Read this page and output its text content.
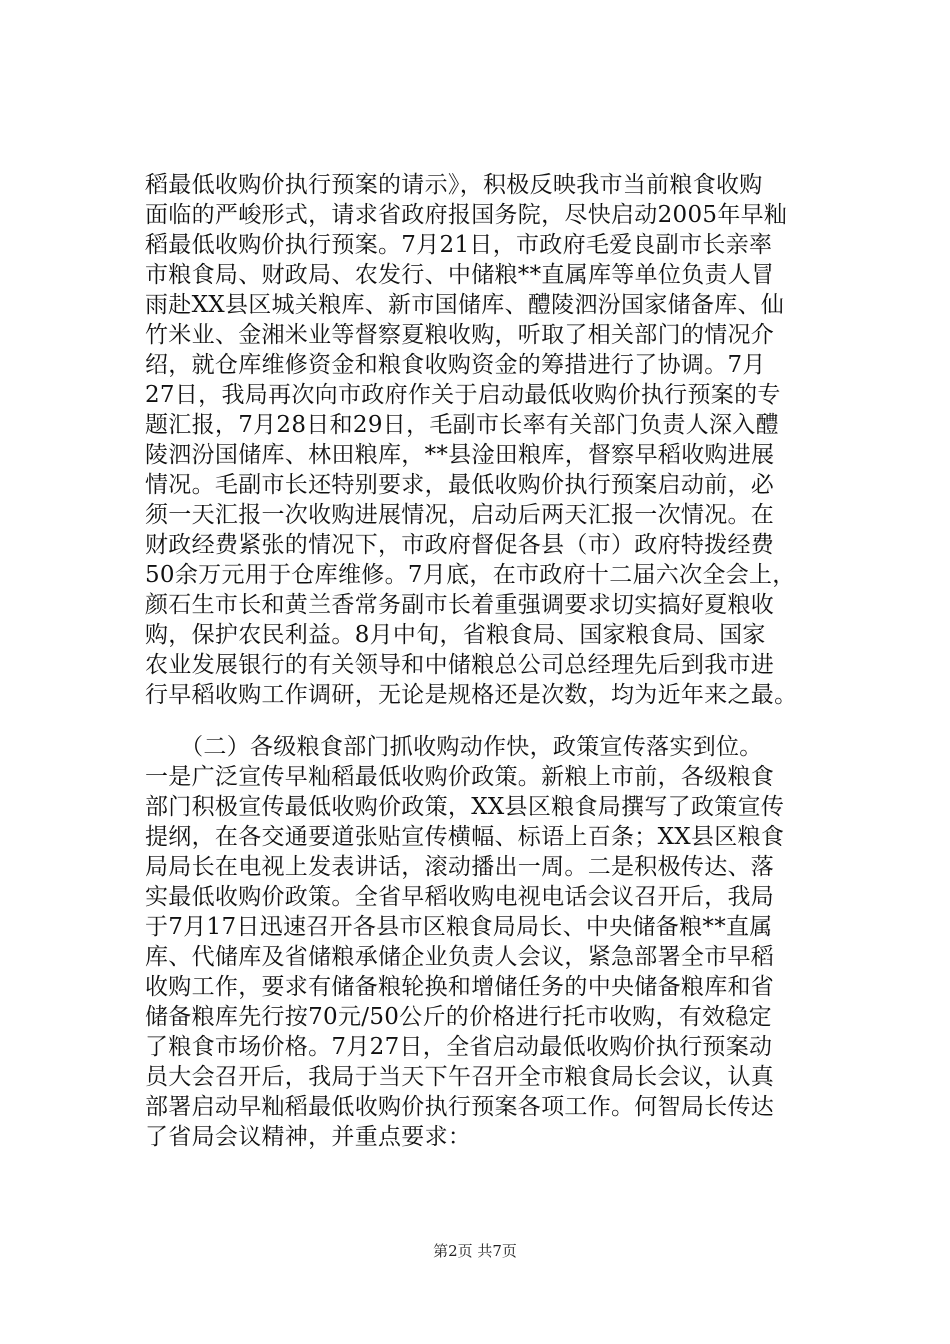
稻最低收购价执行预案的请示》，积极反映我市当前粮食收购
面临的严峻形式，请求省政府报国务院，尽快启动2005年早籼
稻最低收购价执行预案。7月21日，市政府毛爱良副市长亲率
市粮食局、财政局、农发行、中储粮**直属库等单位负责人冒
雨赴XX县区城关粮库、新市国储库、醴陵泗汾国家储备库、仙
竹米业、金湘米业等督察夏粮收购，听取了相关部门的情况介
绍，就仓库维修资金和粮食收购资金的筹措进行了协调。7月
27日，我局再次向市政府作关于启动最低收购价执行预案的专
题汇报，7月28日和29日，毛副市长率有关部门负责人深入醴
陵泗汾国储库、林田粮库，**县淦田粮库，督察早稻收购进展
情况。毛副市长还特别要求，最低收购价执行预案启动前，必
须一天汇报一次收购进展情况，启动后两天汇报一次情况。在
财政经费紧张的情况下，市政府督促各县（市）政府特拨经费
50余万元用于仓库维修。7月底，在市政府十二届六次全会上，
颜石生市长和黄兰香常务副市长着重强调要求切实搞好夏粮收
购，保护农民利益。8月中旬，省粮食局、国家粮食局、国家
农业发展银行的有关领导和中储粮总公司总经理先后到我市进
行早稻收购工作调研，无论是规格还是次数，均为近年来之最。
　　（二）各级粮食部门抓收购动作快，政策宣传落实到位。
一是广泛宣传早籼稻最低收购价政策。新粮上市前，各级粮食
部门积极宣传最低收购价政策，XX县区粮食局撰写了政策宣传
提纲，在各交通要道张贴宣传横幅、标语上百条；XX县区粮食
局局长在电视上发表讲话，滚动播出一周。二是积极传达、落
实最低收购价政策。全省早稻收购电视电话会议召开后，我局
于7月17日迅速召开各县市区粮食局局长、中央储备粮**直属
库、代储库及省储粮承储企业负责人会议，紧急部署全市早稻
收购工作，要求有储备粮轮换和增储任务的中央储备粮库和省
储备粮库先行按70元/50公斤的价格进行托市收购，有效稳定
了粮食市场价格。7月27日，全省启动最低收购价执行预案动
员大会召开后，我局于当天下午召开全市粮食局长会议，认真
部署启动早籼稻最低收购价执行预案各项工作。何智局长传达
了省局会议精神，并重点要求：
第2页 共7页
